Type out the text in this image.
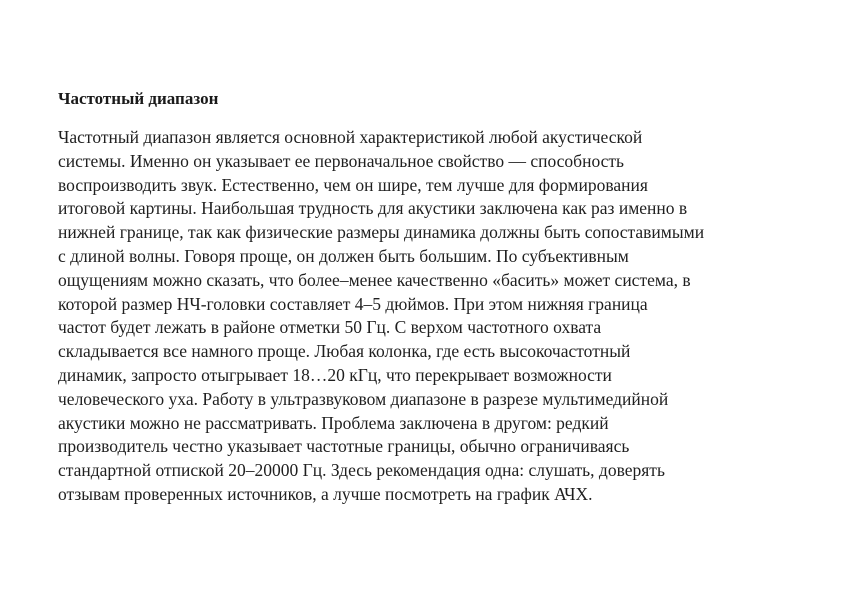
Частотный диапазон

Частотный диапазон является основной характеристикой любой акустической
системы. Именно он указывает ее первоначальное свойство — способность
воспроизводить звук. Естественно, чем он шире, тем лучше для формирования
итоговой картины. Наибольшая трудность для акустики заключена как раз именно в
нижней границе, так как физические размеры динамика должны быть сопоставимыми
с длиной волны. Говоря проще, он должен быть большим. По субъективным
ощущениям можно сказать, что более–менее качественно «басить» может система, в
которой размер НЧ-головки составляет 4–5 дюймов. При этом нижняя граница
частот будет лежать в районе отметки 50 Гц. С верхом частотного охвата
складывается все намного проще. Любая колонка, где есть высокочастотный
динамик, запросто отыгрывает 18…20 кГц, что перекрывает возможности
человеческого уха. Работу в ультразвуковом диапазоне в разрезе мультимедийной
акустики можно не рассматривать. Проблема заключена в другом: редкий
производитель честно указывает частотные границы, обычно ограничиваясь
стандартной отпиской 20–20000 Гц. Здесь рекомендация одна: слушать, доверять
отзывам проверенных источников, а лучше посмотреть на график АЧХ.
